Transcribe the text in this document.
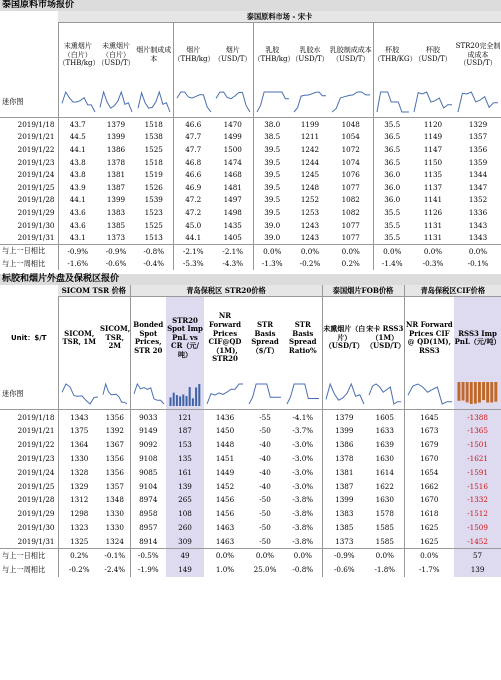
泰国原料市场报价
	泰国原料市场 - 宋卡										
	末熏烟片（白片）（THB/kg）	未熏烟片（白片）（USD/T）	烟片制成成本	烟片（THB/kg）	烟片（USD/T）	乳胶（THB/kg）	乳胶水（USD/T）	乳胶制成成本（USD/T）	杯胶（THB/KG）	杯胶（USD/T）	STR20完全制成成本（USD/T）
迷你图	

2019/1/18	43.7	1379	1518	46.6	1470	38.0	1199	1048	35.5	1120	1329
2019/1/21	44.5	1399	1538	47.7	1499	38.5	1211	1054	36.5	1149	1357
2019/1/22	44.1	1386	1525	47.7	1500	39.5	1242	1072	36.5	1147	1356
2019/1/23	43.8	1378	1518	46.8	1474	39.5	1244	1074	36.5	1150	1359
2019/1/24	43.8	1381	1519	46.6	1468	39.5	1245	1076	36.0	1135	1344
2019/1/25	43.9	1387	1526	46.9	1481	39.5	1248	1077	36.0	1137	1347
2019/1/28	44.1	1399	1539	47.2	1497	39.5	1252	1082	36.0	1141	1352
2019/1/29	43.6	1383	1523	47.2	1498	39.5	1253	1082	35.5	1126	1336
2019/1/30	43.6	1385	1525	45.0	1435	39.0	1243	1077	35.5	1131	1343
2019/1/31	43.1	1373	1513	44.1	1405	39.0	1243	1077	35.5	1131	1343
与上一日相比	-0.9%	-0.9%	-0.8%	-2.1%	-2.1%	0.0%	0.0%	0.0%	0.0%	0.0%	0.0%
与上一周相比	-1.6%	-0.6%	-0.4%	-5.3%	-4.3%	-1.3%	-0.2%	0.2%	-1.4%	-0.3%	-0.1%
标胶和烟片外盘及保税区报价
	SICOM TSR 价格		青岛保税区 STR20价格					泰国烟片FOB价格		青岛保税区CIF价格	
Unit：$/T	SICOM, TSR, 1M	SICOM, TSR, 2M	Bonded Spot Prices, STR 20	STR20 Spot Imp PnL vs CR（元/吨）	NR Forward Prices CIF@QD（1M), STR20	STR Basis Spread（$/T）	STR Basis Spread Ratio%	未熏烟片（白片）（USD/T）	宋卡 RSS3（1M）（USD/T）	NR Forward Prices CIF @ QD(1M), RSS3	RSS3 Imp PnL（元/吨）
迷你图	

2019/1/18	1343	1356	9033	121	1436	-55	-4.1%	1379	1605	1645	-1388
2019/1/21	1375	1392	9149	187	1450	-50	-3.7%	1399	1633	1673	-1365
2019/1/22	1364	1367	9092	153	1448	-40	-3.0%	1386	1639	1679	-1501
2019/1/23	1330	1356	9108	135	1451	-40	-3.0%	1378	1630	1670	-1621
2019/1/24	1328	1356	9085	161	1449	-40	-3.0%	1381	1614	1654	-1591
2019/1/25	1329	1357	9104	139	1452	-40	-3.0%	1387	1622	1662	-1516
2019/1/28	1312	1348	8974	265	1456	-50	-3.8%	1399	1630	1670	-1332
2019/1/29	1298	1330	8958	108	1456	-50	-3.8%	1383	1578	1618	-1512
2019/1/30	1323	1330	8957	260	1463	-50	-3.8%	1385	1585	1625	-1509
2019/1/31	1325	1324	8914	309	1463	-50	-3.8%	1373	1585	1625	-1452
与上一日相比	0.2%	-0.1%	-0.5%	49	0.0%	0.0%	0.0%	-0.9%	0.0%	0.0%	57
与上一周相比	-0.2%	-2.4%	-1.9%	149	1.0%	25.0%	-0.8%	-0.6%	-1.8%	-1.7%	139
